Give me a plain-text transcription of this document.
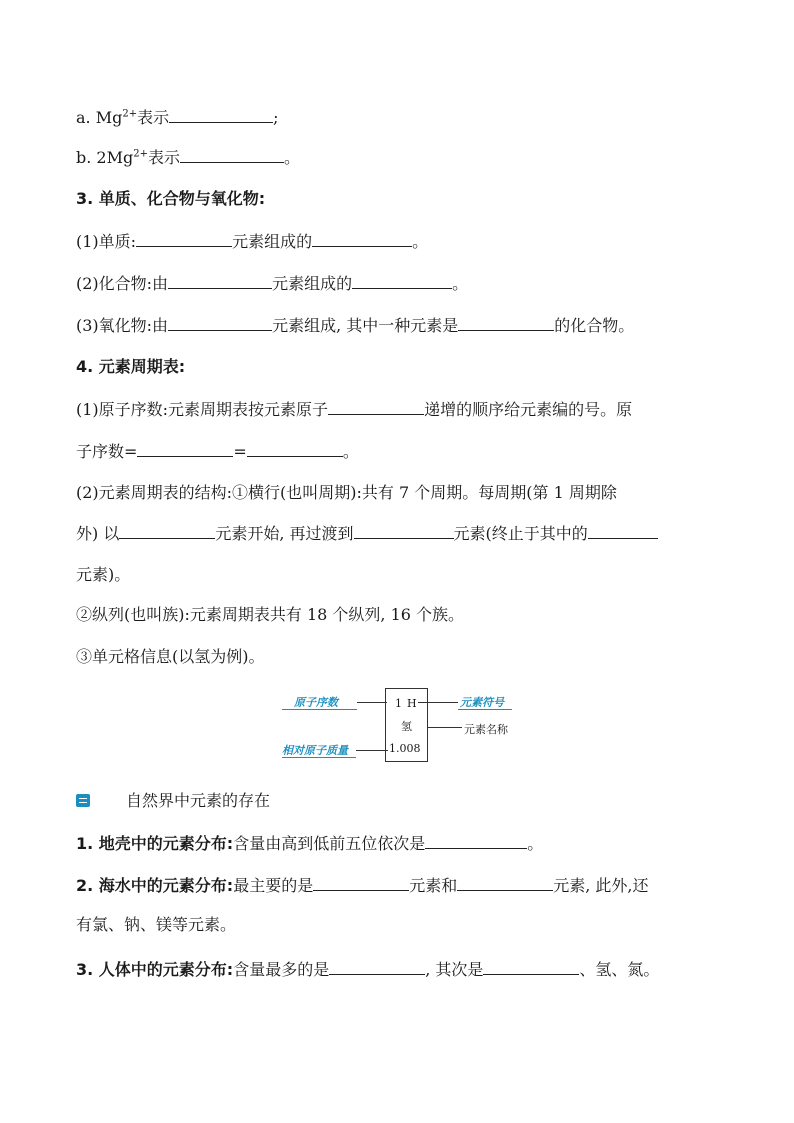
a. $Mg^{2+}$表示	;
b. $2Mg^{2+}$表示	。
3. 单质、化合物与氧化物:
(1)单质:	元素组成的	。
(2)化合物:由	元素组成的	。
(3)氧化物:由	元素组成, 其中一种元素是	的化合物。
4. 元素周期表:
(1)原子序数:元素周期表按元素原子	递增的顺序给元素编的号。原
子序数=	=	。
(2)元素周期表的结构:①横行(也叫周期):共有 7 个周期。每周期(第 1 周期除
外) 以	元素开始, 再过渡到	元素(终止于其中的
元素)。
②纵列(也叫族):元素周期表共有 18 个纵列, 16 个族。
③单元格信息(以氢为例)。
原子序数	1 H
氢
1.008
元素符号
元素名称
相对原子质量
自然界中元素的存在
1. 地壳中的元素分布:含量由高到低前五位依次是	。
2. 海水中的元素分布:最主要的是	元素和	元素, 此外,还
有氯、钠、镁等元素。
3. 人体中的元素分布:含量最多的是	, 其次是	、氢、氮。
